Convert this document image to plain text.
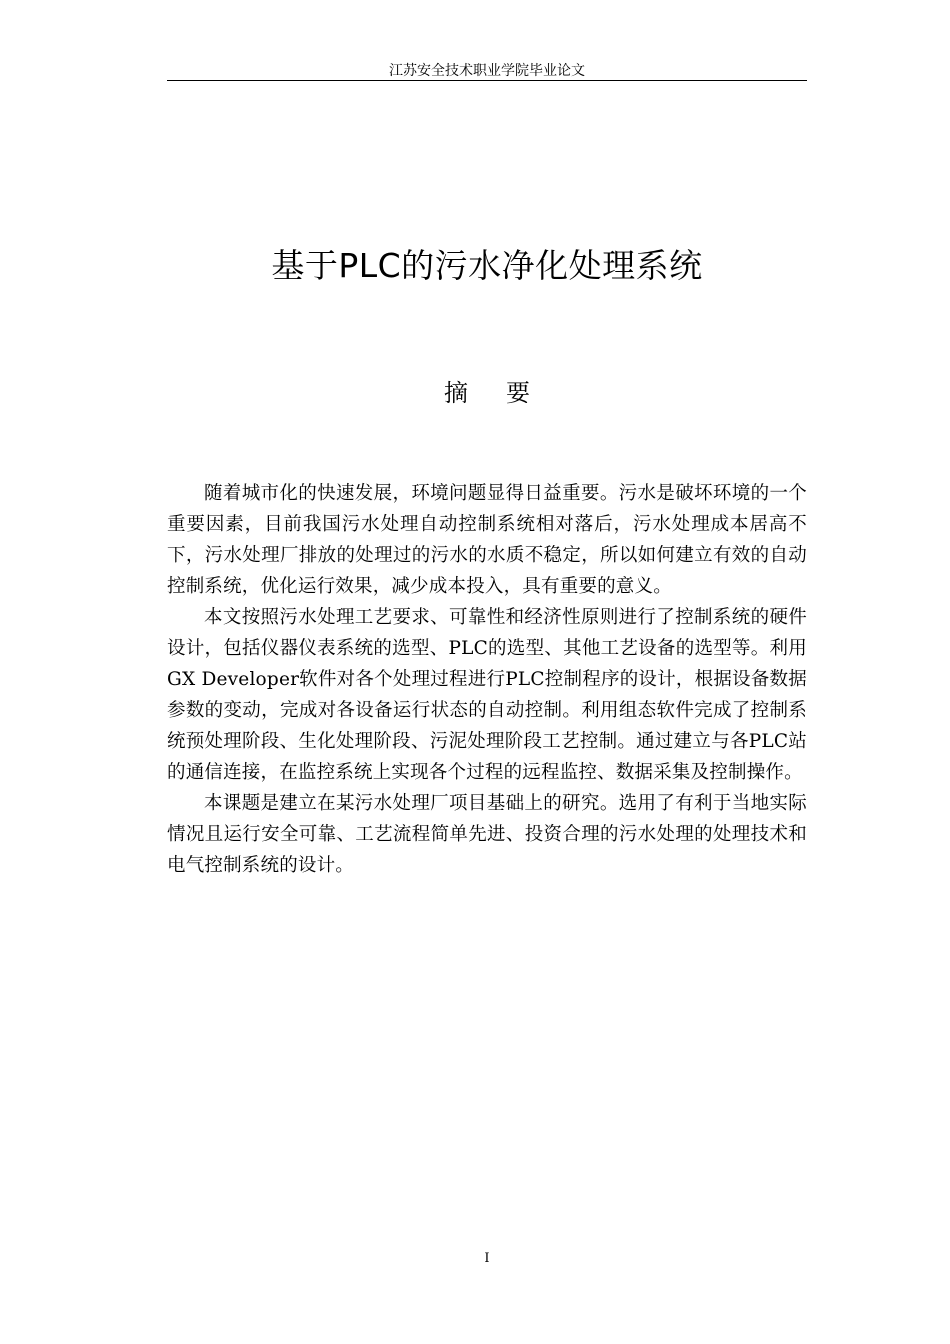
江苏安全技术职业学院毕业论文
基于PLC的污水净化处理系统
摘要

随着城市化的快速发展，环境问题显得日益重要。污水是破坏环境的一个重要因素，目前我国污水处理自动控制系统相对落后，污水处理成本居高不下，污水处理厂排放的处理过的污水的水质不稳定，所以如何建立有效的自动控制系统，优化运行效果，减少成本投入，具有重要的意义。

本文按照污水处理工艺要求、可靠性和经济性原则进行了控制系统的硬件设计，包括仪器仪表系统的选型、PLC的选型、其他工艺设备的选型等。利用GX Developer软件对各个处理过程进行PLC控制程序的设计，根据设备数据参数的变动，完成对各设备运行状态的自动控制。利用组态软件完成了控制系统预处理阶段、生化处理阶段、污泥处理阶段工艺控制。通过建立与各PLC站的通信连接，在监控系统上实现各个过程的远程监控、数据采集及控制操作。

本课题是建立在某污水处理厂项目基础上的研究。选用了有利于当地实际情况且运行安全可靠、工艺流程简单先进、投资合理的污水处理的处理技术和电气控制系统的设计。

I
